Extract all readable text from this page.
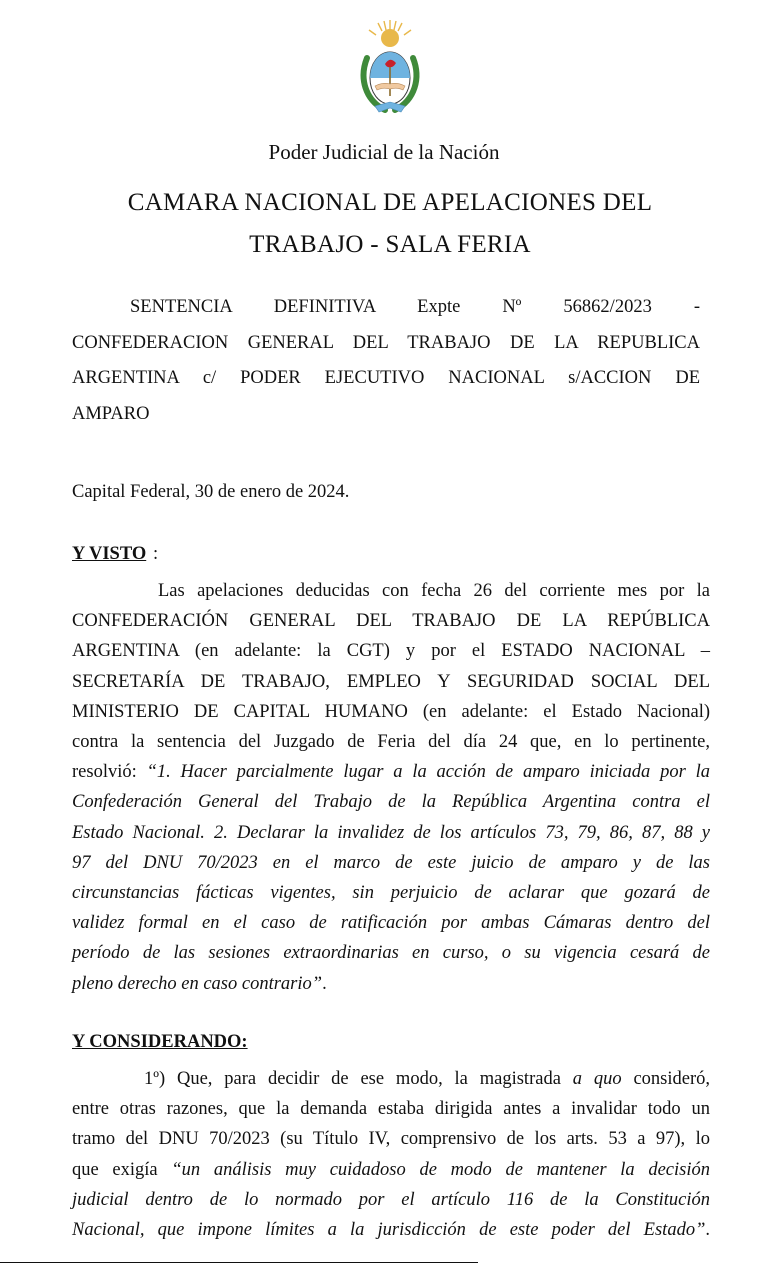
Poder Judicial de la Nación
CAMARA NACIONAL DE APELACIONES DEL
TRABAJO - SALA FERIA
SENTENCIA DEFINITIVA Expte Nº 56862/2023 -
CONFEDERACION GENERAL DEL TRABAJO DE LA REPUBLICA
ARGENTINA c/ PODER EJECUTIVO NACIONAL s/ACCION DE
AMPARO
Capital Federal, 30 de enero de 2024.
Y VISTO :
Las apelaciones deducidas con fecha 26 del corriente mes por la
CONFEDERACIÓN GENERAL DEL TRABAJO DE LA REPÚBLICA
ARGENTINA (en adelante: la CGT) y por el ESTADO NACIONAL –
SECRETARÍA DE TRABAJO, EMPLEO Y SEGURIDAD SOCIAL DEL
MINISTERIO DE CAPITAL HUMANO (en adelante: el Estado Nacional)
contra la sentencia del Juzgado de Feria del día 24 que, en lo pertinente,
resolvió: “1. Hacer parcialmente lugar a la acción de amparo iniciada por la
Confederación General del Trabajo de la República Argentina contra el
Estado Nacional. 2. Declarar la invalidez de los artículos 73, 79, 86, 87, 88 y
97 del DNU 70/2023 en el marco de este juicio de amparo y de las
circunstancias fácticas vigentes, sin perjuicio de aclarar que gozará de
validez formal en el caso de ratificación por ambas Cámaras dentro del
período de las sesiones extraordinarias en curso, o su vigencia cesará de
pleno derecho en caso contrario”.
Y CONSIDERANDO:
1º) Que, para decidir de ese modo, la magistrada a quo consideró,
entre otras razones, que la demanda estaba dirigida antes a invalidar todo un
tramo del DNU 70/2023 (su Título IV, comprensivo de los arts. 53 a 97), lo
que exigía “un análisis muy cuidadoso de modo de mantener la decisión
judicial dentro de lo normado por el artículo 116 de la Constitución
Nacional, que impone límites a la jurisdicción de este poder del Estado”.
